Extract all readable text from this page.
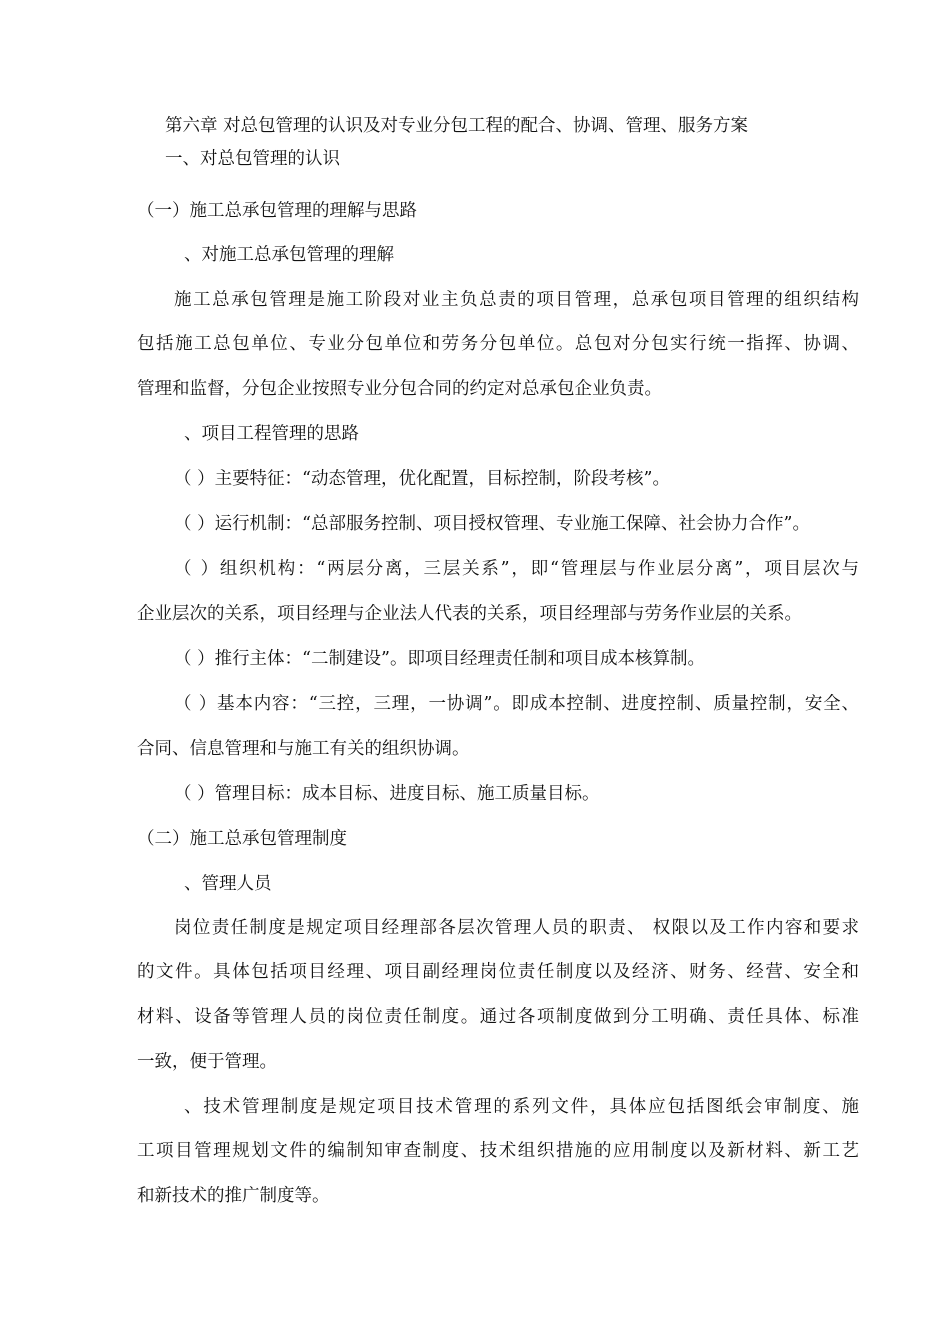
第六章 对总包管理的认识及对专业分包工程的配合、协调、管理、服务方案
一、对总包管理的认识
（一）施工总承包管理的理解与思路
、对施工总承包管理的理解
施工总承包管理是施工阶段对业主负总责的项目管理，总承包项目管理的组织结构
包括施工总包单位、专业分包单位和劳务分包单位。总包对分包实行统一指挥、协调、
管理和监督，分包企业按照专业分包合同的约定对总承包企业负责。
、项目工程管理的思路
（ ）主要特征：“动态管理，优化配置，目标控制，阶段考核”。
（ ）运行机制：“总部服务控制、项目授权管理、专业施工保障、社会协力合作”。
（ ）组织机构：“两层分离，三层关系”，即“管理层与作业层分离”，项目层次与
企业层次的关系，项目经理与企业法人代表的关系，项目经理部与劳务作业层的关系。
（ ）推行主体：“二制建设”。即项目经理责任制和项目成本核算制。
（ ）基本内容：“三控，三理，一协调”。即成本控制、进度控制、质量控制，安全、
合同、信息管理和与施工有关的组织协调。
（ ）管理目标：成本目标、进度目标、施工质量目标。
（二）施工总承包管理制度
、管理人员
岗位责任制度是规定项目经理部各层次管理人员的职责、 权限以及工作内容和要求
的文件。具体包括项目经理、项目副经理岗位责任制度以及经济、财务、经营、安全和
材料、设备等管理人员的岗位责任制度。通过各项制度做到分工明确、责任具体、标准
一致，便于管理。
、技术管理制度是规定项目技术管理的系列文件，具体应包括图纸会审制度、施
工项目管理规划文件的编制知审查制度、技术组织措施的应用制度以及新材料、新工艺
和新技术的推广制度等。
